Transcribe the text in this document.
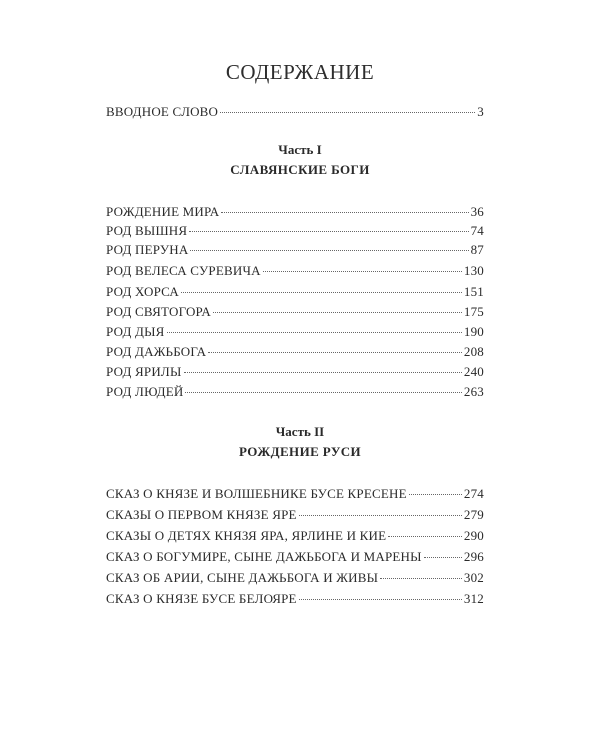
СОДЕРЖАНИЕ
ВВОДНОЕ СЛОВО	3
Часть I
СЛАВЯНСКИЕ БОГИ
РОЖДЕНИЕ МИРА	36
РОД ВЫШНЯ	74
РОД ПЕРУНА	87
РОД ВЕЛЕСА СУРЕВИЧА	130
РОД ХОРСА	151
РОД СВЯТОГОРА	175
РОД ДЫЯ	190
РОД ДАЖЬБОГА	208
РОД ЯРИЛЫ	240
РОД ЛЮДЕЙ	263
Часть II
РОЖДЕНИЕ РУСИ
СКАЗ О КНЯЗЕ И ВОЛШЕБНИКЕ БУСЕ КРЕСЕНЕ	274
СКАЗЫ О ПЕРВОМ КНЯЗЕ ЯРЕ	279
СКАЗЫ О ДЕТЯХ КНЯЗЯ ЯРА, ЯРЛИНЕ И КИЕ	290
СКАЗ О БОГУМИРЕ, СЫНЕ ДАЖЬБОГА И МАРЕНЫ	296
СКАЗ ОБ АРИИ, СЫНЕ ДАЖЬБОГА И ЖИВЫ	302
СКАЗ О КНЯЗЕ БУСЕ БЕЛОЯРЕ	312
